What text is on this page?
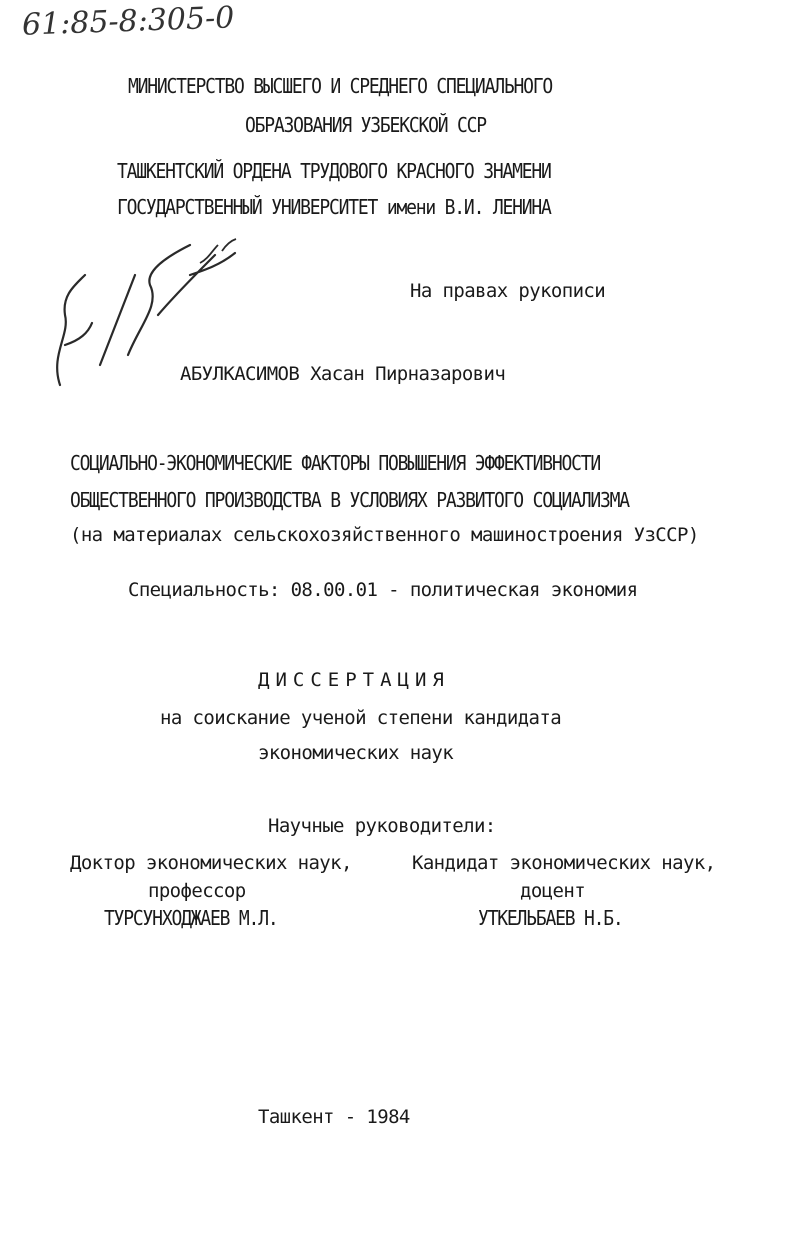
61:85-8:305-0
МИНИСТЕРСТВО ВЫСШЕГО И СРЕДНЕГО СПЕЦИАЛЬНОГО
ОБРАЗОВАНИЯ УЗБЕКСКОЙ ССР
ТАШКЕНТСКИЙ ОРДЕНА ТРУДОВОГО КРАСНОГО ЗНАМЕНИ
ГОСУДАРСТВЕННЫЙ УНИВЕРСИТЕТ имени В.И. ЛЕНИНА
На правах рукописи
АБУЛКАСИМОВ Хасан Пирназарович
СОЦИАЛЬНО-ЭКОНОМИЧЕСКИЕ ФАКТОРЫ ПОВЫШЕНИЯ ЭФФЕКТИВНОСТИ
ОБЩЕСТВЕННОГО ПРОИЗВОДСТВА В УСЛОВИЯХ РАЗВИТОГО СОЦИАЛИЗМА
(на материалах сельскохозяйственного машиностроения УзССР)
Специальность: 08.00.01 - политическая экономия
ДИССЕРТАЦИЯ
на соискание ученой степени кандидата
экономических наук
Научные руководители:
Доктор экономических наук,
профессор
ТУРСУНХОДЖАЕВ М.Л.
Кандидат экономических наук,
доцент
УТКЕЛЬБАЕВ Н.Б.
Ташкент - 1984
